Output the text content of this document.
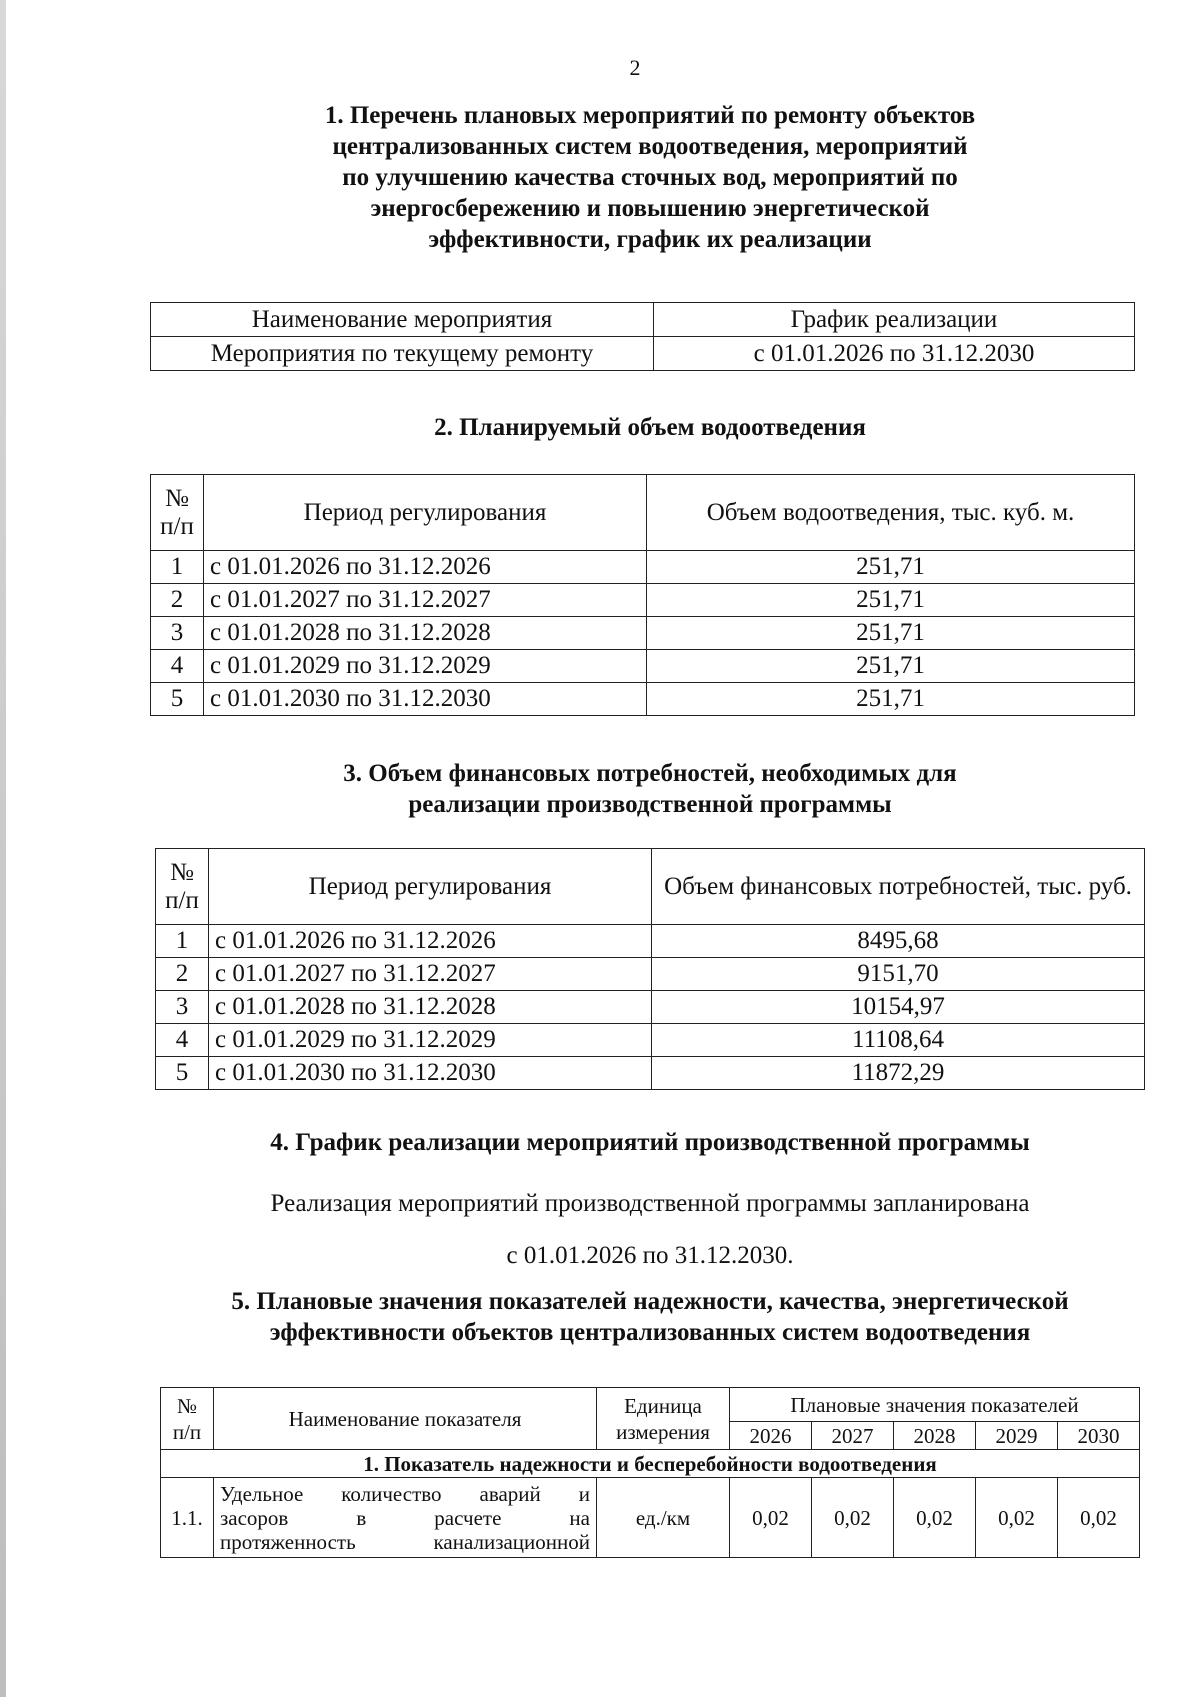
2
1. Перечень плановых мероприятий по ремонту объектов
централизованных систем водоотведения, мероприятий
по улучшению качества сточных вод, мероприятий по
энергосбережению и повышению энергетической
эффективности, график их реализации
Наименование мероприятия	График реализации
Мероприятия по текущему ремонту	с 01.01.2026 по 31.12.2030
2. Планируемый объем водоотведения
№ п/п	Период регулирования	Объем водоотведения, тыс. куб. м.
1	с 01.01.2026 по 31.12.2026	251,71
2	с 01.01.2027 по 31.12.2027	251,71
3	с 01.01.2028 по 31.12.2028	251,71
4	с 01.01.2029 по 31.12.2029	251,71
5	с 01.01.2030 по 31.12.2030	251,71
3. Объем финансовых потребностей, необходимых для
реализации производственной программы
№ п/п	Период регулирования	Объем финансовых потребностей, тыс. руб.
1	с 01.01.2026 по 31.12.2026	8495,68
2	с 01.01.2027 по 31.12.2027	9151,70
3	с 01.01.2028 по 31.12.2028	10154,97
4	с 01.01.2029 по 31.12.2029	11108,64
5	с 01.01.2030 по 31.12.2030	11872,29
4. График реализации мероприятий производственной программы
Реализация мероприятий производственной программы запланирована
с 01.01.2026 по 31.12.2030.
5. Плановые значения показателей надежности, качества, энергетической
эффективности объектов централизованных систем водоотведения
№ п/п	Наименование показателя	Единица измерения	Плановые значения показателей				
			2026	2027	2028	2029	2030
1. Показатель надежности и бесперебойности водоотведения							
1.1.	Удельное количество аварий и
засоров в расчете на
протяженность канализационной	ед./км	0,02	0,02	0,02	0,02	0,02
